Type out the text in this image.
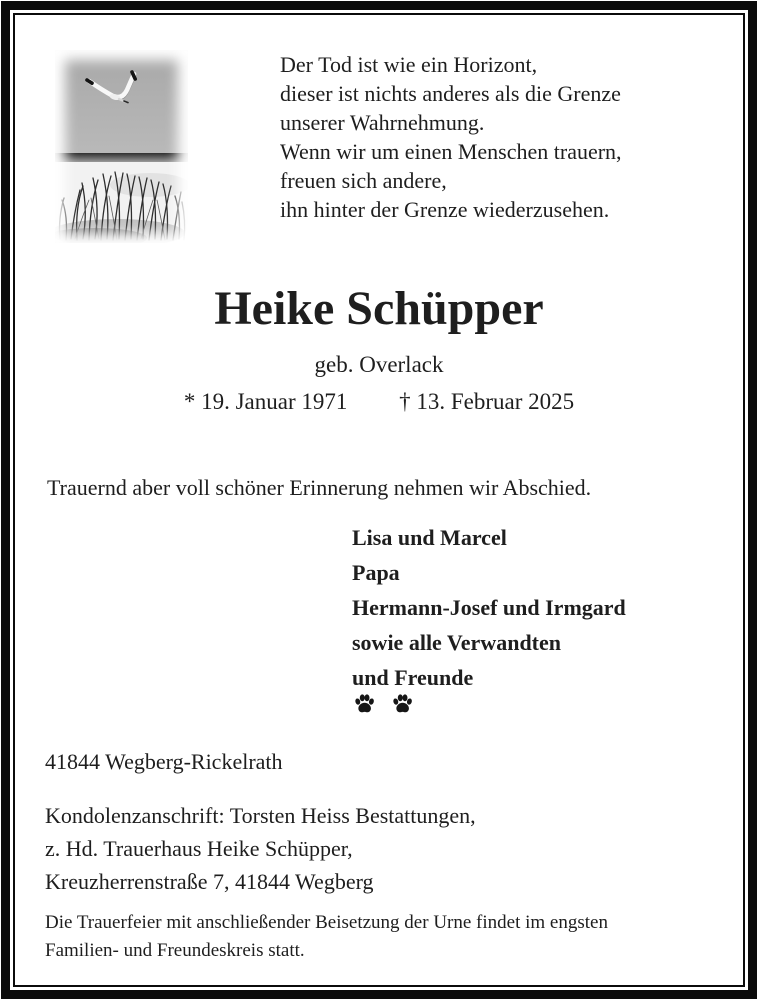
Der Tod ist wie ein Horizont,
dieser ist nichts anderes als die Grenze
unserer Wahrnehmung.
Wenn wir um einen Menschen trauern,
freuen sich andere,
ihn hinter der Grenze wiederzusehen.
Heike Schüpper
geb. Overlack
* 19. Januar 1971 † 13. Februar 2025
Trauernd aber voll schöner Erinnerung nehmen wir Abschied.
Lisa und Marcel
Papa
Hermann-Josef und Irmgard
sowie alle Verwandten
und Freunde
41844 Wegberg-Rickelrath
Kondolenzanschrift: Torsten Heiss Bestattungen,
z. Hd. Trauerhaus Heike Schüpper,
Kreuzherrenstraße 7, 41844 Wegberg
Die Trauerfeier mit anschließender Beisetzung der Urne findet im engsten
Familien- und Freundeskreis statt.
